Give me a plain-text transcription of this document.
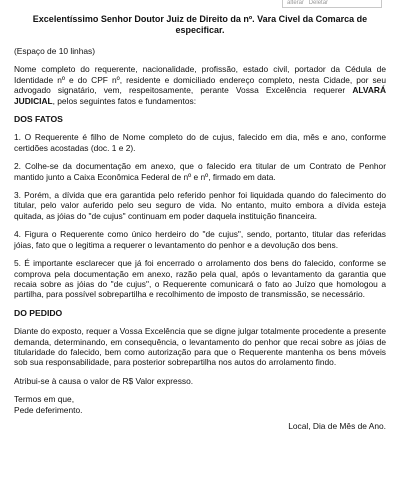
alterar Deletar
Excelentíssimo Senhor Doutor Juiz de Direito da nº. Vara Civel da Comarca de especificar.

(Espaço de 10 linhas)

Nome completo do requerente, nacionalidade, profissão, estado civil, portador da Cédula de Identidade nº e do CPF nº, residente e domiciliado endereço completo, nesta Cidade, por seu advogado signatário, vem, respeitosamente, perante Vossa Excelência requerer ALVARÁ JUDICIAL, pelos seguintes fatos e fundamentos:

DOS FATOS

1. O Requerente é filho de Nome completo do de cujus, falecido em dia, mês e ano, conforme certidões acostadas (doc. 1 e 2).

2. Colhe-se da documentação em anexo, que o falecido era titular de um Contrato de Penhor mantido junto a Caixa Econômica Federal de nº e nº, firmado em data.

3. Porém, a dívida que era garantida pelo referido penhor foi liquidada quando do falecimento do titular, pelo valor auferido pelo seu seguro de vida. No entanto, muito embora a dívida esteja quitada, as jóias do "de cujus" continuam em poder daquela instituição financeira.

4. Figura o Requerente como único herdeiro do "de cujus", sendo, portanto, titular das referidas jóias, fato que o legitima a requerer o levantamento do penhor e a devolução dos bens.

5. É importante esclarecer que já foi encerrado o arrolamento dos bens do falecido, conforme se comprova pela documentação em anexo, razão pela qual, após o levantamento da garantia que recaia sobre as jóias do "de cujus", o Requerente comunicará o fato ao Juízo que homologou a partilha, para possível sobrepartilha e recolhimento de imposto de transmissão, se necessário.

DO PEDIDO

Diante do exposto, requer a Vossa Excelência que se digne julgar totalmente procedente a presente demanda, determinando, em consequência, o levantamento do penhor que recai sobre as jóias de titularidade do falecido, bem como autorização para que o Requerente mantenha os bens móveis sob sua responsabilidade, para posterior sobrepartilha nos autos do arrolamento findo.

Atribui-se à causa o valor de R$ Valor expresso.

Termos em que,

Pede deferimento.

Local, Dia de Mês de Ano.
